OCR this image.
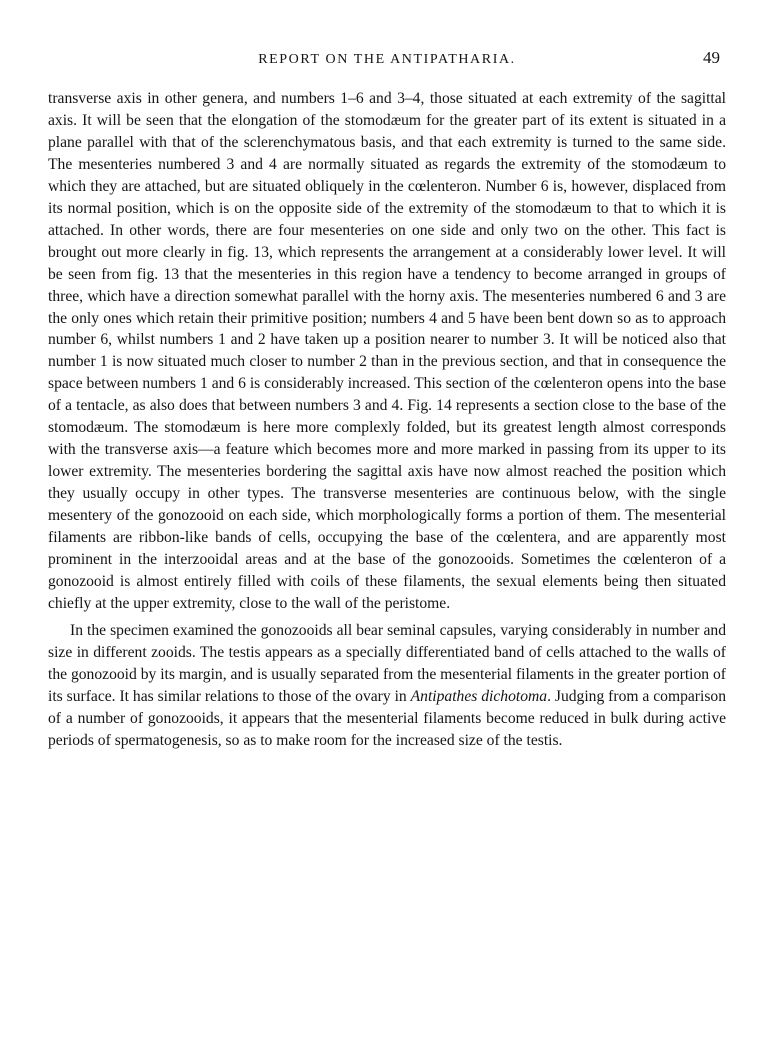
REPORT ON THE ANTIPATHARIA.	49

transverse axis in other genera, and numbers 1–6 and 3–4, those situated at each extremity of the sagittal axis. It will be seen that the elongation of the stomodæum for the greater part of its extent is situated in a plane parallel with that of the sclerenchymatous basis, and that each extremity is turned to the same side. The mesenteries numbered 3 and 4 are normally situated as regards the extremity of the stomodæum to which they are attached, but are situated obliquely in the cœlenteron. Number 6 is, however, displaced from its normal position, which is on the opposite side of the extremity of the stomodæum to that to which it is attached. In other words, there are four mesenteries on one side and only two on the other. This fact is brought out more clearly in fig. 13, which represents the arrangement at a considerably lower level. It will be seen from fig. 13 that the mesenteries in this region have a tendency to become arranged in groups of three, which have a direction somewhat parallel with the horny axis. The mesenteries numbered 6 and 3 are the only ones which retain their primitive position; numbers 4 and 5 have been bent down so as to approach number 6, whilst numbers 1 and 2 have taken up a position nearer to number 3. It will be noticed also that number 1 is now situated much closer to number 2 than in the previous section, and that in consequence the space between numbers 1 and 6 is considerably increased. This section of the cœlenteron opens into the base of a tentacle, as also does that between numbers 3 and 4. Fig. 14 represents a section close to the base of the stomodæum. The stomodæum is here more complexly folded, but its greatest length almost corresponds with the transverse axis—a feature which becomes more and more marked in passing from its upper to its lower extremity. The mesenteries bordering the sagittal axis have now almost reached the position which they usually occupy in other types. The transverse mesenteries are continuous below, with the single mesentery of the gonozooid on each side, which morphologically forms a portion of them. The mesenterial filaments are ribbon-like bands of cells, occupying the base of the cœlentera, and are apparently most prominent in the interzooidal areas and at the base of the gonozooids. Sometimes the cœlenteron of a gonozooid is almost entirely filled with coils of these filaments, the sexual elements being then situated chiefly at the upper extremity, close to the wall of the peristome.

In the specimen examined the gonozooids all bear seminal capsules, varying considerably in number and size in different zooids. The testis appears as a specially differentiated band of cells attached to the walls of the gonozooid by its margin, and is usually separated from the mesenterial filaments in the greater portion of its surface. It has similar relations to those of the ovary in Antipathes dichotoma. Judging from a comparison of a number of gonozooids, it appears that the mesenterial filaments become reduced in bulk during active periods of spermatogenesis, so as to make room for the increased size of the testis.
